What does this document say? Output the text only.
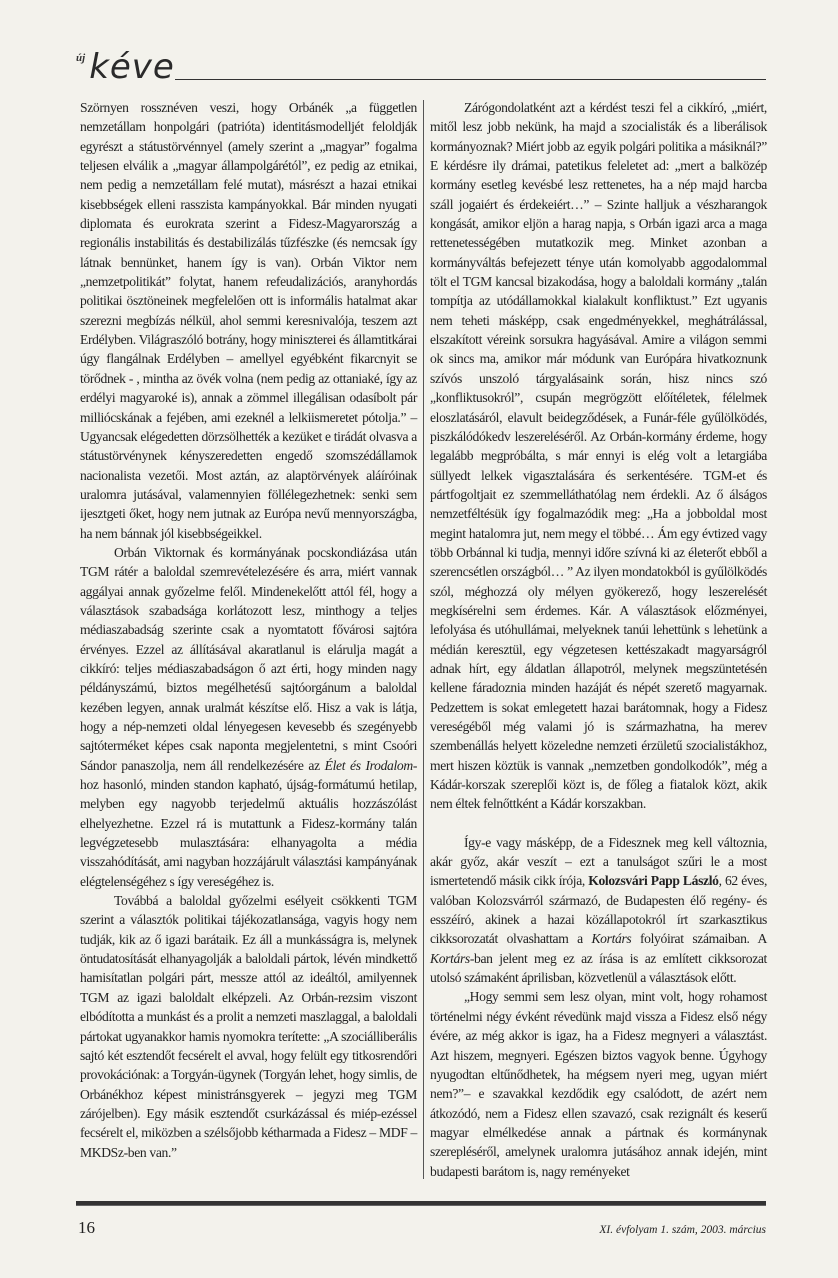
új kéve

Szörnyen rossznéven veszi, hogy Orbánék „a független nemzetállam honpolgári (patrióta) identitásmodelljét feloldják egyrészt a státustörvénnyel (amely szerint a „magyar” fogalma teljesen elválik a „magyar állampolgárétól”, ez pedig az etnikai, nem pedig a nemzetállam felé mutat), másrészt a hazai etnikai kisebbségek elleni rasszista kampányokkal. Bár minden nyugati diplomata és eurokrata szerint a Fidesz-Magyarország a regionális instabilitás és destabilizálás tűzfészke (és nemcsak így látnak bennünket, hanem így is van). Orbán Viktor nem „nemzetpolitikát” folytat, hanem refeudalizációs, aranyhordás politikai ösztöneinek megfelelően ott is informális hatalmat akar szerezni megbízás nélkül, ahol semmi keresnivalója, teszem azt Erdélyben. Világraszóló botrány, hogy miniszterei és államtitkárai úgy flangálnak Erdélyben – amellyel egyébként fikarcnyit se törődnek - , mintha az övék volna (nem pedig az ottaniaké, így az erdélyi magyaroké is), annak a zömmel illegálisan odasíbolt pár milliócskának a fejében, ami ezeknél a lelkiismeretet pótolja.” – Ugyancsak elégedetten dörzsölhették a kezüket e tirádát olvasva a státustörvénynek kényszeredetten engedő szomszédállamok nacionalista vezetői. Most aztán, az alaptörvények aláíróinak uralomra jutásával, valamennyien föllélegezhetnek: senki sem ijesztgeti őket, hogy nem jutnak az Európa nevű mennyországba, ha nem bánnak jól kisebbségeikkel.

Orbán Viktornak és kormányának pocskondiázása után TGM rátér a baloldal szemrevételezésére és arra, miért vannak aggályai annak győzelme felől. Mindenekelőtt attól fél, hogy a választások szabadsága korlátozott lesz, minthogy a teljes médiaszabadság szerinte csak a nyomtatott fővárosi sajtóra érvényes. Ezzel az állításával akaratlanul is elárulja magát a cikkíró: teljes médiaszabadságon ő azt érti, hogy minden nagy példányszámú, biztos megélhetésű sajtóorgánum a baloldal kezében legyen, annak uralmát készítse elő. Hisz a vak is látja, hogy a nép-nemzeti oldal lényegesen kevesebb és szegényebb sajtóterméket képes csak naponta megjelentetni, s mint Csoóri Sándor panaszolja, nem áll rendelkezésére az Élet és Irodalom-hoz hasonló, minden standon kapható, újság-formátumú hetilap, melyben egy nagyobb terjedelmű aktuális hozzászólást elhelyezhetne. Ezzel rá is mutattunk a Fidesz-kormány talán legvégzetesebb mulasztására: elhanyagolta a média visszahódítását, ami nagyban hozzájárult választási kampányának elégtelenségéhez s így vereségéhez is.

Továbbá a baloldal győzelmi esélyeit csökkenti TGM szerint a választók politikai tájékozatlansága, vagyis hogy nem tudják, kik az ő igazi barátaik. Ez áll a munkásságra is, melynek öntudatosítását elhanyagolják a baloldali pártok, lévén mindkettő hamisítatlan polgári párt, messze attól az ideáltól, amilyennek TGM az igazi baloldalt elképzeli. Az Orbán-rezsim viszont elbódította a munkást és a prolit a nemzeti maszlaggal, a baloldali pártokat ugyanakkor hamis nyomokra terítette: „A szociálliberális sajtó két esztendőt fecsérelt el avval, hogy felült egy titkosrendőri provokációnak: a Torgyán-ügynek (Torgyán lehet, hogy simlis, de Orbánékhoz képest ministránsgyerek – jegyzi meg TGM zárójelben). Egy másik esztendőt csurkázással és miép-ezéssel fecsérelt el, miközben a szélsőjobb kétharmada a Fidesz – MDF – MKDSz-ben van.”

Zárógondolatként azt a kérdést teszi fel a cikkíró, „miért, mitől lesz jobb nekünk, ha majd a szocialisták és a liberálisok kormányoznak? Miért jobb az egyik polgári politika a másiknál?” E kérdésre ily drámai, patetikus feleletet ad: „mert a balközép kormány esetleg kevésbé lesz rettenetes, ha a nép majd harcba száll jogaiért és érdekeiért…” – Szinte halljuk a vészharangok kongását, amikor eljön a harag napja, s Orbán igazi arca a maga rettenetességében mutatkozik meg. Minket azonban a kormányváltás befejezett ténye után komolyabb aggodalommal tölt el TGM kancsal bizakodása, hogy a baloldali kormány „talán tompítja az utódállamokkal kialakult konfliktust.” Ezt ugyanis nem teheti másképp, csak engedményekkel, meghátrálással, elszakított véreink sorsukra hagyásával. Amire a világon semmi ok sincs ma, amikor már módunk van Európára hivatkoznunk szívós unszoló tárgyalásaink során, hisz nincs szó „konfliktusokról”, csupán megrögzött előítéletek, félelmek eloszlatásáról, elavult beidegződések, a Funár-féle gyűlölködés, piszkálódókedv leszereléséről. Az Orbán-kormány érdeme, hogy legalább megpróbálta, s már ennyi is elég volt a letargiába süllyedt lelkek vigasztalására és serkentésére. TGM-et és pártfogoltjait ez szemmelláthatólag nem érdekli. Az ő álságos nemzetféltésük így fogalmazódik meg: „Ha a jobboldal most megint hatalomra jut, nem megy el többé… Ám egy évtized vagy több Orbánnal ki tudja, mennyi időre szívná ki az életerőt ebből a szerencsétlen országból… ” Az ilyen mondatokból is gyűlölködés szól, méghozzá oly mélyen gyökerező, hogy leszerelését megkísérelni sem érdemes. Kár. A választások előzményei, lefolyása és utóhullámai, melyeknek tanúi lehettünk s lehetünk a médián keresztül, egy végzetesen kettészakadt magyarságról adnak hírt, egy áldatlan állapotról, melynek megszüntetésén kellene fáradoznia minden hazáját és népét szerető magyarnak. Pedzettem is sokat emlegetett hazai barátomnak, hogy a Fidesz vereségéből még valami jó is származhatna, ha merev szembenállás helyett közeledne nemzeti érzületű szocialistákhoz, mert hiszen köztük is vannak „nemzetben gondolkodók”, még a Kádár-korszak szereplői közt is, de főleg a fiatalok közt, akik nem éltek felnőttként a Kádár korszakban.

Így-e vagy másképp, de a Fidesznek meg kell változnia, akár győz, akár veszít – ezt a tanulságot szűri le a most ismertetendő másik cikk írója, Kolozsvári Papp László, 62 éves, valóban Kolozsvárról származó, de Budapesten élő regény- és esszéíró, akinek a hazai közállapotokról írt szarkasztikus cikksorozatát olvashattam a Kortárs folyóirat számaiban. A Kortárs-ban jelent meg ez az írása is az említett cikksorozat utolsó számaként áprilisban, közvetlenül a választások előtt.

„Hogy semmi sem lesz olyan, mint volt, hogy rohamost történelmi négy évként révedünk majd vissza a Fidesz első négy évére, az még akkor is igaz, ha a Fidesz megnyeri a választást. Azt hiszem, megnyeri. Egészen biztos vagyok benne. Úgyhogy nyugodtan eltűnődhetek, ha mégsem nyeri meg, ugyan miért nem?”– e szavakkal kezdődik egy csalódott, de azért nem átkozódó, nem a Fidesz ellen szavazó, csak rezignált és keserű magyar elmélkedése annak a pártnak és kormánynak szerepléséről, amelynek uralomra jutásához annak idején, mint budapesti barátom is, nagy reményeket

16	XI. évfolyam 1. szám, 2003. március
